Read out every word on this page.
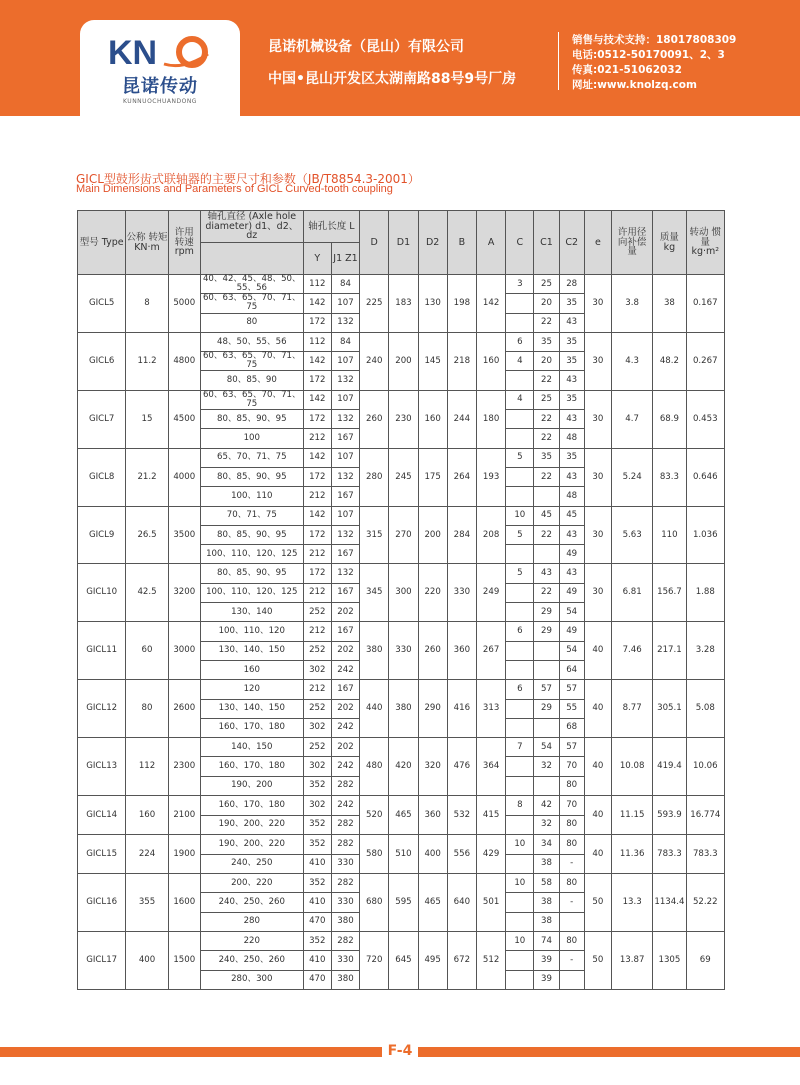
KN
昆诺传动
KUNNUOCHUANDONG
昆诺机械设备（昆山）有限公司
中国•昆山开发区太湖南路88号9号厂房
销售与技术支持：18017808309
电话:0512-50170091、2、3
传真:021-51062032
网址:www.knolzq.com
GICL型鼓形齿式联轴器的主要尺寸和参数（JB/T8854.3-2001）
Main Dimensions and Parameters of GICL Curved-tooth coupling
型号 Type	公称 转矩 KN·m	许用 转速 rpm	轴孔直径 (Axle hole diameter) d1、d2、dz	轴孔长度 L		D	D1	D2	B	A	C	C1	C2	e	许用径 向补偿 量	质量 kg	转动 惯量 kg·m²
				Y	J1 Z1												
GICL5	8	5000	40、42、45、48、50、55、56	112	84	225	183	130	198	142	3	25	28	30	3.8	38	0.167
			60、63、65、70、71、75	142	107							20	35				
			80	172	132							22	43				
GICL6	11.2	4800	48、50、55、56	112	84	240	200	145	218	160	6	35	35	30	4.3	48.2	0.267
			60、63、65、70、71、75	142	107						4	20	35				
			80、85、90	172	132							22	43				
GICL7	15	4500	60、63、65、70、71、75	142	107	260	230	160	244	180	4	25	35	30	4.7	68.9	0.453
			80、85、90、95	172	132							22	43				
			100	212	167							22	48				
GICL8	21.2	4000	65、70、71、75	142	107	280	245	175	264	193	5	35	35	30	5.24	83.3	0.646
			80、85、90、95	172	132							22	43				
			100、110	212	167								48				
GICL9	26.5	3500	70、71、75	142	107	315	270	200	284	208	10	45	45	30	5.63	110	1.036
			80、85、90、95	172	132						5	22	43				
			100、110、120、125	212	167								49				
GICL10	42.5	3200	80、85、90、95	172	132	345	300	220	330	249	5	43	43	30	6.81	156.7	1.88
			100、110、120、125	212	167							22	49				
			130、140	252	202							29	54				
GICL11	60	3000	100、110、120	212	167	380	330	260	360	267	6	29	49	40	7.46	217.1	3.28
			130、140、150	252	202								54				
			160	302	242								64				
GICL12	80	2600	120	212	167	440	380	290	416	313	6	57	57	40	8.77	305.1	5.08
			130、140、150	252	202							29	55				
			160、170、180	302	242								68				
GICL13	112	2300	140、150	252	202	480	420	320	476	364	7	54	57	40	10.08	419.4	10.06
			160、170、180	302	242							32	70				
			190、200	352	282								80				
GICL14	160	2100	160、170、180	302	242	520	465	360	532	415	8	42	70	40	11.15	593.9	16.774
			190、200、220	352	282							32	80				
GICL15	224	1900	190、200、220	352	282	580	510	400	556	429	10	34	80	40	11.36	783.3	783.3
			240、250	410	330							38	-				
GICL16	355	1600	200、220	352	282	680	595	465	640	501	10	58	80	50	13.3	1134.4	52.22
			240、250、260	410	330							38	-				
			280	470	380							38					
GICL17	400	1500	220	352	282	720	645	495	672	512	10	74	80	50	13.87	1305	69
			240、250、260	410	330							39	-				
			280、300	470	380							39					
F-4
